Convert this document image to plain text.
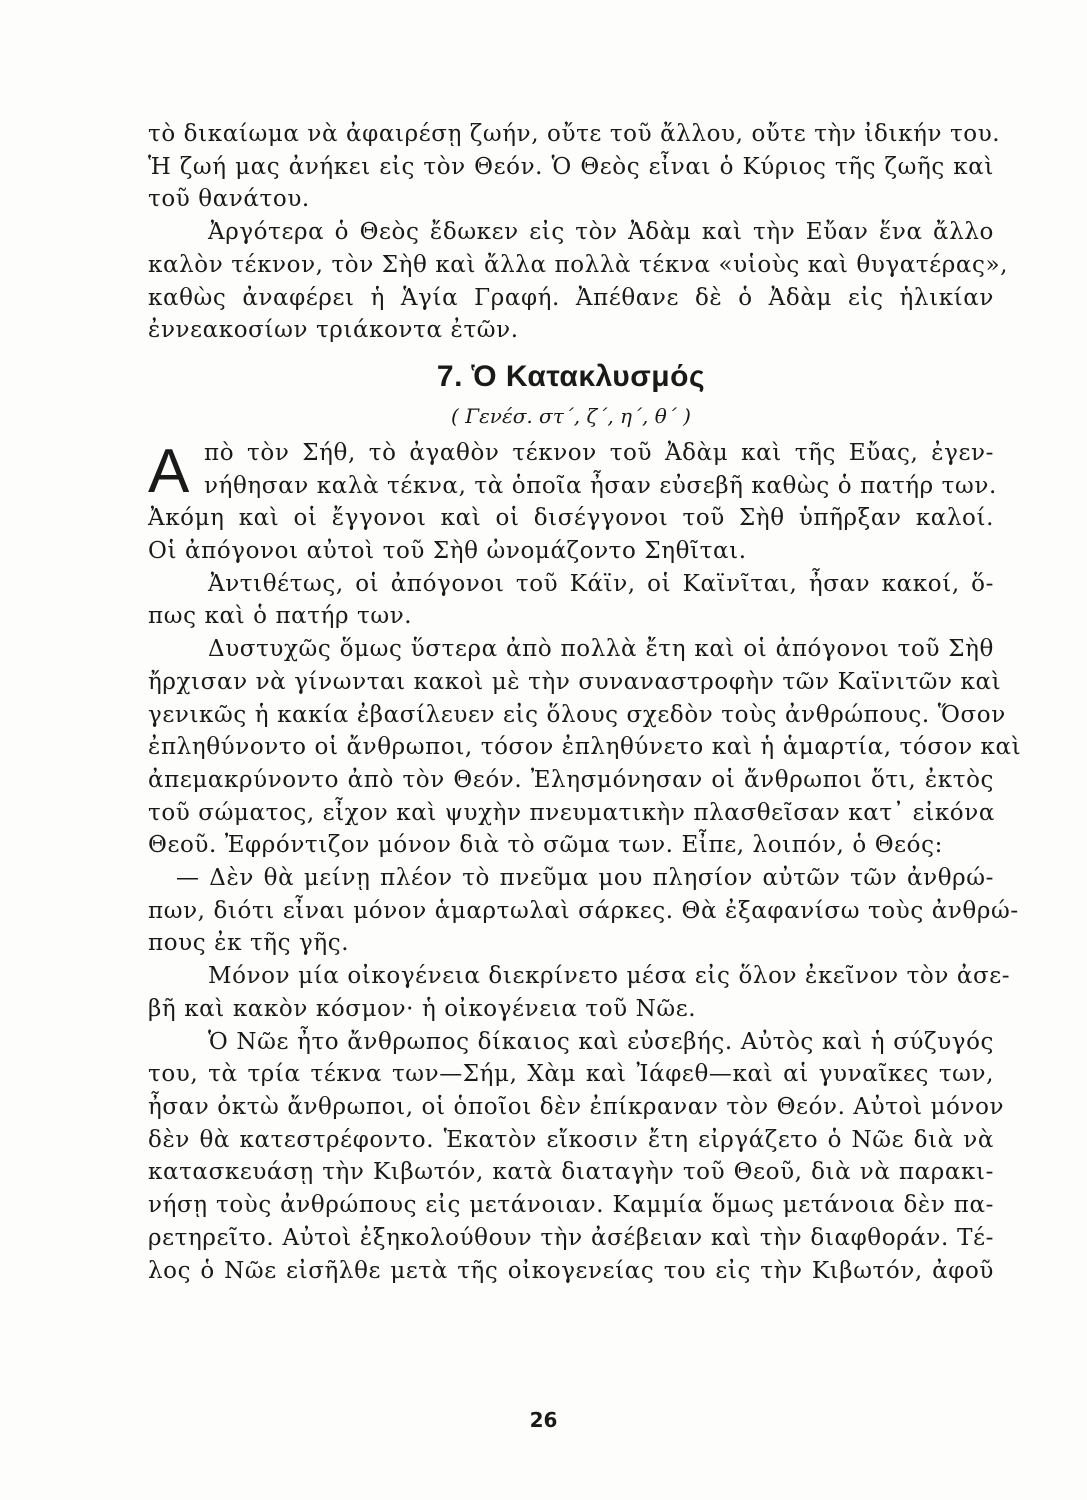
τὸ δικαίωμα νὰ ἀφαιρέσῃ ζωήν, οὔτε τοῦ ἄλλου, οὔτε τὴν ἰδικήν του.
Ἡ ζωή μας ἀνήκει εἰς τὸν Θεόν. Ὁ Θεὸς εἶναι ὁ Κύριος τῆς ζωῆς καὶ
τοῦ θανάτου.
Ἀργότερα ὁ Θεὸς ἔδωκεν εἰς τὸν Ἀδὰμ καὶ τὴν Εὔαν ἕνα ἄλλο
καλὸν τέκνον, τὸν Σὴθ καὶ ἄλλα πολλὰ τέκνα «υἱοὺς καὶ θυγατέρας»,
καθὼς ἀναφέρει ἡ Ἁγία Γραφή. Ἀπέθανε δὲ ὁ Ἀδὰμ εἰς ἡλικίαν
ἐννεακοσίων τριάκοντα ἐτῶν.
7. Ὁ Κατακλυσμός
( Γενέσ. στ΄, ζ΄, η΄, θ΄ )
Α πὸ τὸν Σήθ, τὸ ἀγαθὸν τέκνον τοῦ Ἀδὰμ καὶ τῆς Εὔας, ἐγεν-
νήθησαν καλὰ τέκνα, τὰ ὁποῖα ἦσαν εὐσεβῆ καθὼς ὁ πατήρ των.
Ἀκόμη καὶ οἱ ἔγγονοι καὶ οἱ δισέγγονοι τοῦ Σὴθ ὑπῆρξαν καλοί.
Οἱ ἀπόγονοι αὐτοὶ τοῦ Σὴθ ὠνομάζοντο Σηθῖται.
Ἀντιθέτως, οἱ ἀπόγονοι τοῦ Κάϊν, οἱ Καϊνῖται, ἦσαν κακοί, ὅ-
πως καὶ ὁ πατήρ των.
Δυστυχῶς ὅμως ὕστερα ἀπὸ πολλὰ ἔτη καὶ οἱ ἀπόγονοι τοῦ Σὴθ
ἤρχισαν νὰ γίνωνται κακοὶ μὲ τὴν συναναστροφὴν τῶν Καϊνιτῶν καὶ
γενικῶς ἡ κακία ἐβασίλευεν εἰς ὅλους σχεδὸν τοὺς ἀνθρώπους. Ὅσον
ἐπληθύνοντο οἱ ἄνθρωποι, τόσον ἐπληθύνετο καὶ ἡ ἁμαρτία, τόσον καὶ
ἀπεμακρύνοντο ἀπὸ τὸν Θεόν. Ἐλησμόνησαν οἱ ἄνθρωποι ὅτι, ἐκτὸς
τοῦ σώματος, εἶχον καὶ ψυχὴν πνευματικὴν πλασθεῖσαν κατ᾿ εἰκόνα
Θεοῦ. Ἐφρόντιζον μόνον διὰ τὸ σῶμα των. Εἶπε, λοιπόν, ὁ Θεός:
— Δὲν θὰ μείνῃ πλέον τὸ πνεῦμα μου πλησίον αὐτῶν τῶν ἀνθρώ-
πων, διότι εἶναι μόνον ἁμαρτωλαὶ σάρκες. Θὰ ἐξαφανίσω τοὺς ἀνθρώ-
πους ἐκ τῆς γῆς.
Μόνον μία οἰκογένεια διεκρίνετο μέσα εἰς ὅλον ἐκεῖνον τὸν ἀσε-
βῆ καὶ κακὸν κόσμον· ἡ οἰκογένεια τοῦ Νῶε.
Ὁ Νῶε ἦτο ἄνθρωπος δίκαιος καὶ εὐσεβής. Αὐτὸς καὶ ἡ σύζυγός
του, τὰ τρία τέκνα των—Σήμ, Χὰμ καὶ Ἰάφεθ—καὶ αἱ γυναῖκες των,
ἦσαν ὀκτὼ ἄνθρωποι, οἱ ὁποῖοι δὲν ἐπίκραναν τὸν Θεόν. Αὐτοὶ μόνον
δὲν θὰ κατεστρέφοντο. Ἑκατὸν εἴκοσιν ἔτη εἰργάζετο ὁ Νῶε διὰ νὰ
κατασκευάσῃ τὴν Κιβωτόν, κατὰ διαταγὴν τοῦ Θεοῦ, διὰ νὰ παρακι-
νήσῃ τοὺς ἀνθρώπους εἰς μετάνοιαν. Καμμία ὅμως μετάνοια δὲν πα-
ρετηρεῖτο. Αὐτοὶ ἐξηκολούθουν τὴν ἀσέβειαν καὶ τὴν διαφθοράν. Τέ-
λος ὁ Νῶε εἰσῆλθε μετὰ τῆς οἰκογενείας του εἰς τὴν Κιβωτόν, ἀφοῦ
26
